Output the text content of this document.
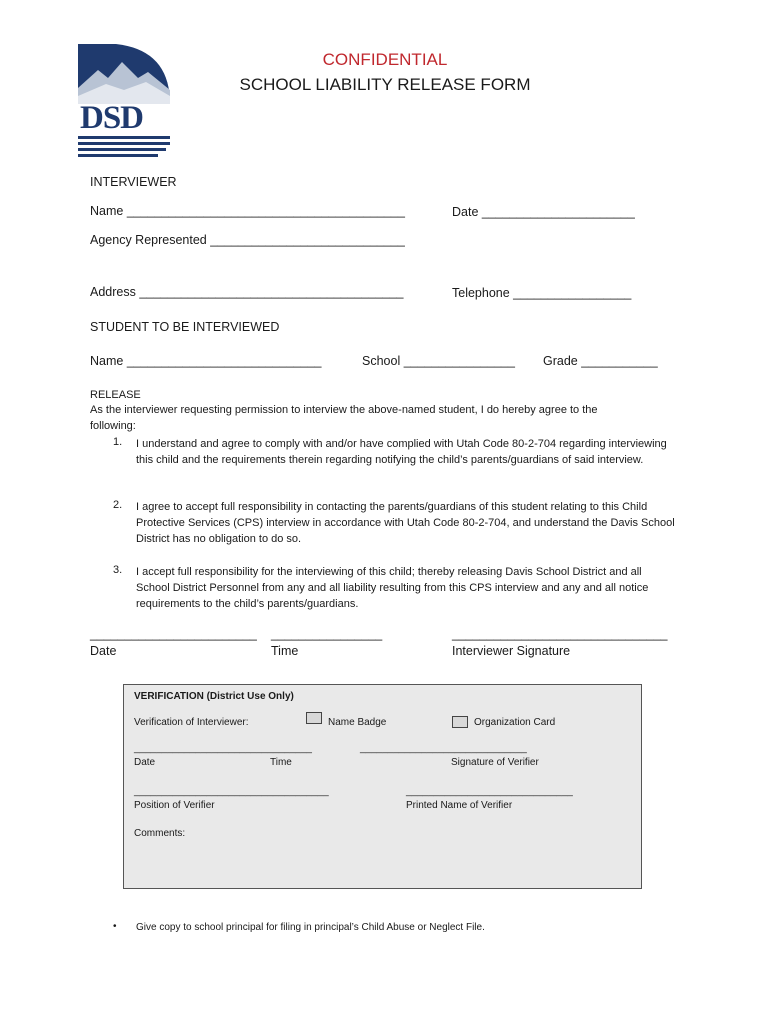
DSD
CONFIDENTIAL
SCHOOL LIABILITY RELEASE FORM
INTERVIEWER
Name ________________________________________	Date ______________________
Agency Represented ____________________________
Address ______________________________________	Telephone _________________
STUDENT TO BE INTERVIEWED
Name ____________________________	School ________________ Grade ___________
RELEASE
As the interviewer requesting permission to interview the above-named student, I do hereby agree to the
following:
1. I understand and agree to comply with and/or have complied with Utah Code 80-2-704 regarding interviewing this child and the requirements therein regarding notifying the child’s parents/guardians of said interview.
2. I agree to accept full responsibility in contacting the parents/guardians of this student relating to this Child Protective Services (CPS) interview in accordance with Utah Code 80-2-704, and understand the Davis School District has no obligation to do so.
3. I accept full responsibility for the interviewing of this child; thereby releasing Davis School District and all School District Personnel from any and all liability resulting from this CPS interview and any and all notice requirements to the child’s parents/guardians.
________________________ ________________	_______________________________
Date	Time	Interviewer Signature
VERIFICATION (District Use Only)
Verification of Interviewer:	Name Badge	Organization Card
________________________________	______________________________
Date	Time	Signature of Verifier
___________________________________	______________________________
Position of Verifier	Printed Name of Verifier
Comments:
• Give copy to school principal for filing in principal’s Child Abuse or Neglect File.
